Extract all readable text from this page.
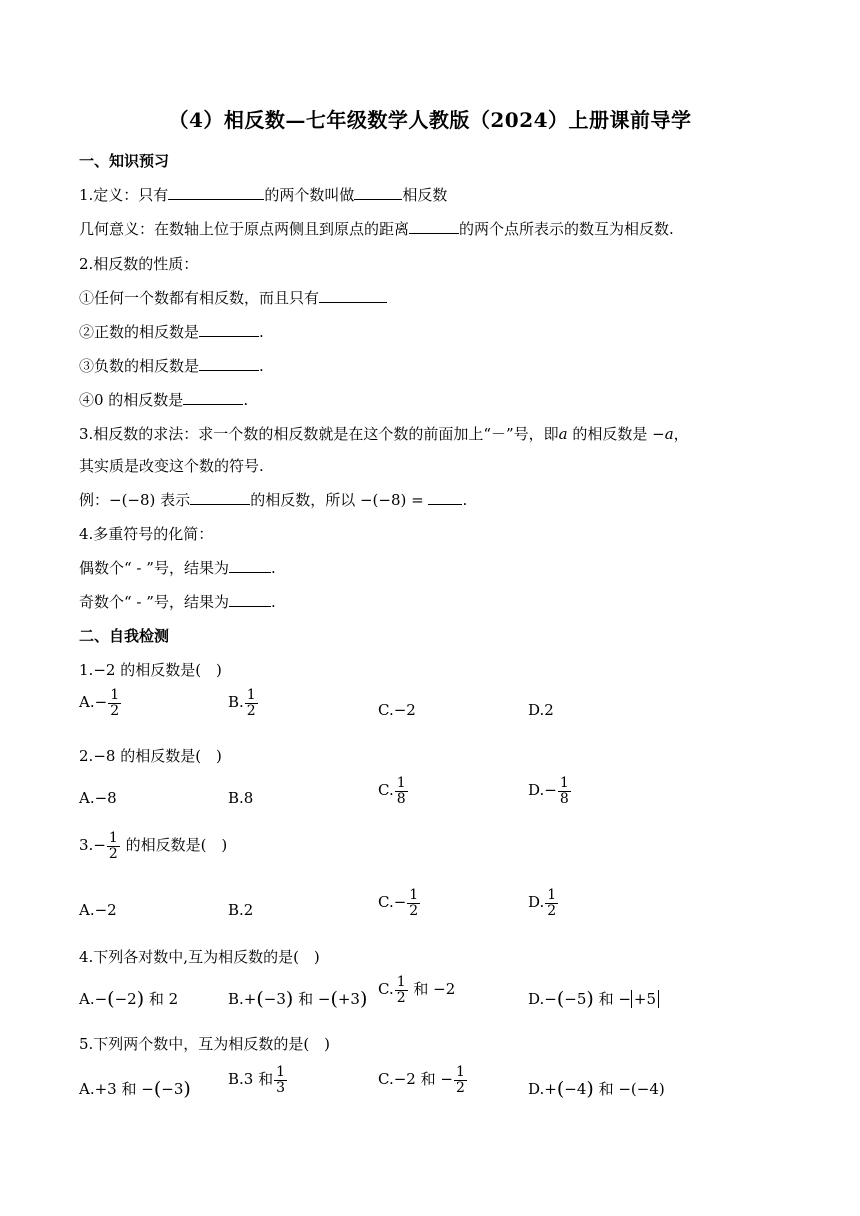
（4）相反数—七年级数学人教版（2024）上册课前导学
一、知识预习
1.定义：只有	的两个数叫做	相反数
几何意义：在数轴上位于原点两侧且到原点的距离	的两个点所表示的数互为相反数.
2.相反数的性质：
①任何一个数都有相反数，而且只有
②正数的相反数是	.
③负数的相反数是	.
④0 的相反数是	.
3.相反数的求法：求一个数的相反数就是在这个数的前面加上“－”号，即a 的相反数是 −a，
其实质是改变这个数的符号.
例：−(−8) 表示	的相反数，所以 −(−8) =	.
4.多重符号的化简：
偶数个“ - ”号，结果为	.
奇数个“ - ”号，结果为	.
二、自我检测
1.−2 的相反数是(　)
$A.- \frac{1}{2}$	B. $\frac{1}{2}$	C.−2	D.2
2.−8 的相反数是(　)
A.−8	B.8	C. $\frac{1}{8}$	$D.- \frac{1}{8}$
$3.- \frac{1}{2}$ 的相反数是(　)
A.−2	B.2	$C.- \frac{1}{2}$	D. $\frac{1}{2}$
4.下列各对数中,互为相反数的是(　)
A.−(−2) 和 2	B.+(−3) 和 −(+3) C. $\frac{1}{2}$ 和 −2
D.−(−5) 和 − +5
5.下列两个数中，互为相反数的是(　)
A.+3 和 −(−3) B.3 和 $\frac{1}{3}$	C.−2 和 − $\frac{1}{2}$	D.+(−4) 和 −(−4)
